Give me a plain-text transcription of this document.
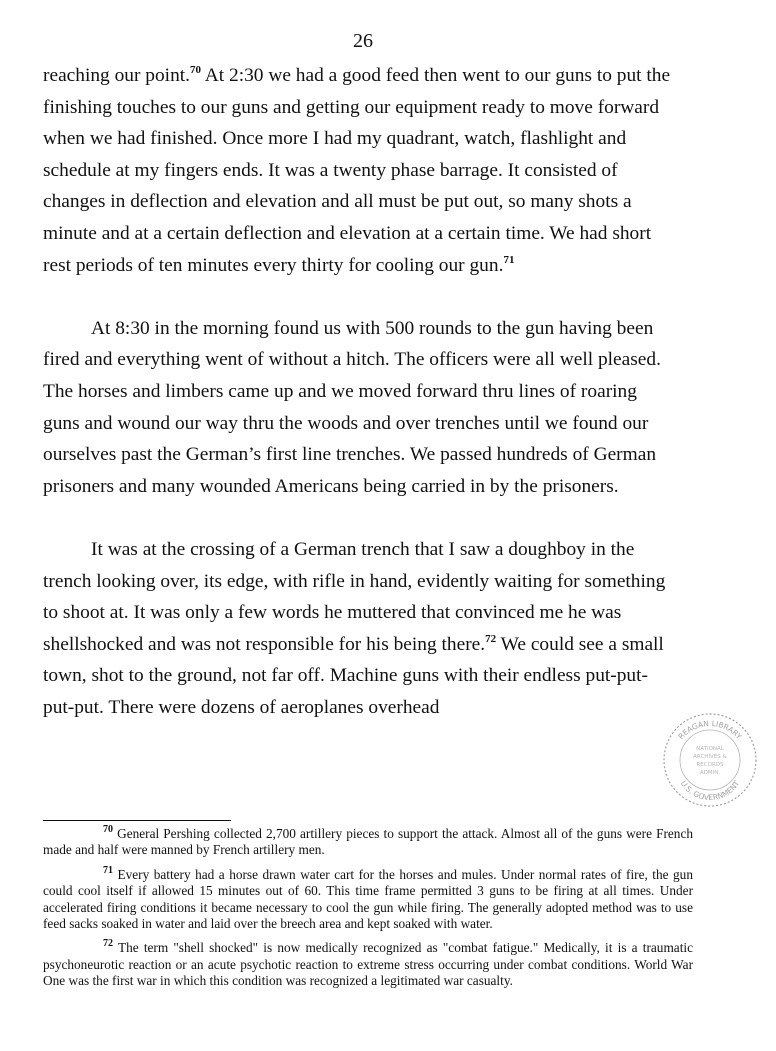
26

reaching our point.$^{70}$ At 2:30 we had a good feed then went to our guns to put the finishing touches to our guns and getting our equipment ready to move forward when we had finished. Once more I had my quadrant, watch, flashlight and schedule at my fingers ends. It was a twenty phase barrage. It consisted of changes in deflection and elevation and all must be put out, so many shots a minute and at a certain deflection and elevation at a certain time. We had short rest periods of ten minutes every thirty for cooling our gun.$^{71}$

At 8:30 in the morning found us with 500 rounds to the gun having been fired and everything went of without a hitch. The officers were all well pleased. The horses and limbers came up and we moved forward thru lines of roaring guns and wound our way thru the woods and over trenches until we found our ourselves past the German’s first line trenches. We passed hundreds of German prisoners and many wounded Americans being carried in by the prisoners.

It was at the crossing of a German trench that I saw a doughboy in the trench looking over, its edge, with rifle in hand, evidently waiting for something to shoot at. It was only a few words he muttered that convinced me he was shellshocked and was not responsible for his being there.$^{72}$ We could see a small town, shot to the ground, not far off. Machine guns with their endless put-put-put-put. There were dozens of aeroplanes overhead

$^{70}$ General Pershing collected 2,700 artillery pieces to support the attack. Almost all of the guns were French made and half were manned by French artillery men.

$^{71}$ Every battery had a horse drawn water cart for the horses and mules. Under normal rates of fire, the gun could cool itself if allowed 15 minutes out of 60. This time frame permitted 3 guns to be firing at all times. Under accelerated firing conditions it became necessary to cool the gun while firing. The generally adopted method was to use feed sacks soaked in water and laid over the breech area and kept soaked with water.

$^{72}$ The term "shell shocked" is now medically recognized as "combat fatigue." Medically, it is a traumatic psychoneurotic reaction or an acute psychotic reaction to extreme stress occurring under combat conditions. World War One was the first war in which this condition was recognized a legitimated war casualty.

REAGAN LIBRARY
U.S. GOVERNMENT
NATIONAL
ARCHIVES &
RECORDS
ADMIN.
